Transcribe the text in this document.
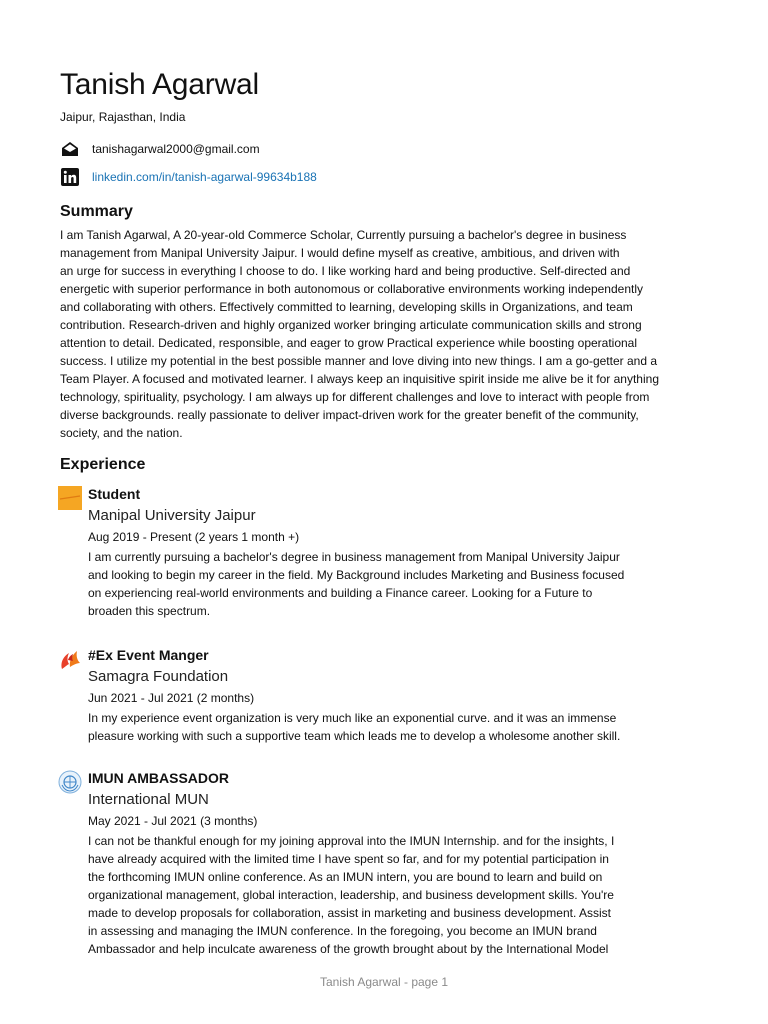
Tanish Agarwal
Jaipur, Rajasthan, India
tanishagarwal2000@gmail.com
linkedin.com/in/tanish-agarwal-99634b188
Summary
I am Tanish Agarwal, A 20-year-old Commerce Scholar, Currently pursuing a bachelor's degree in business
management from Manipal University Jaipur. I would define myself as creative, ambitious, and driven with
an urge for success in everything I choose to do. I like working hard and being productive. Self-directed and
energetic with superior performance in both autonomous or collaborative environments working independently
and collaborating with others. Effectively committed to learning, developing skills in Organizations, and team
contribution. Research-driven and highly organized worker bringing articulate communication skills and strong
attention to detail. Dedicated, responsible, and eager to grow Practical experience while boosting operational
success. I utilize my potential in the best possible manner and love diving into new things. I am a go-getter and a
Team Player. A focused and motivated learner. I always keep an inquisitive spirit inside me alive be it for anything
technology, spirituality, psychology. I am always up for different challenges and love to interact with people from
diverse backgrounds. really passionate to deliver impact-driven work for the greater benefit of the community,
society, and the nation.
Experience
Student
Manipal University Jaipur
Aug 2019 - Present (2 years 1 month +)
I am currently pursuing a bachelor's degree in business management from Manipal University Jaipur
and looking to begin my career in the field. My Background includes Marketing and Business focused
on experiencing real-world environments and building a Finance career. Looking for a Future to
broaden this spectrum.
#Ex Event Manger
Samagra Foundation
Jun 2021 - Jul 2021 (2 months)
In my experience event organization is very much like an exponential curve. and it was an immense
pleasure working with such a supportive team which leads me to develop a wholesome another skill.
IMUN AMBASSADOR
International MUN
May 2021 - Jul 2021 (3 months)
I can not be thankful enough for my joining approval into the IMUN Internship. and for the insights, I
have already acquired with the limited time I have spent so far, and for my potential participation in
the forthcoming IMUN online conference. As an IMUN intern, you are bound to learn and build on
organizational management, global interaction, leadership, and business development skills. You're
made to develop proposals for collaboration, assist in marketing and business development. Assist
in assessing and managing the IMUN conference. In the foregoing, you become an IMUN brand
Ambassador and help inculcate awareness of the growth brought about by the International Model
Tanish Agarwal - page 1
